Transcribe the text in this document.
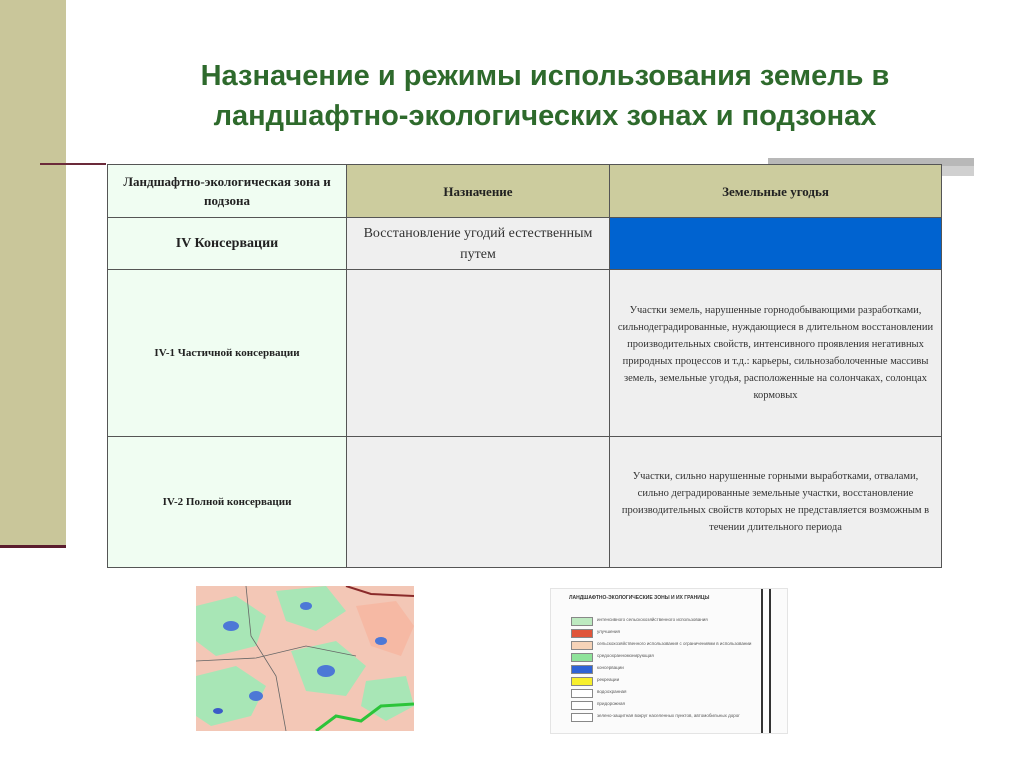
Назначение и режимы использования земель в
ландшафтно-экологических зонах и подзонах
Ландшафтно-экологическая зона и подзона	Назначение	Земельные угодья
IV Консервации	Восстановление угодий естественным путем	
IV-1 Частичной консервации		Участки земель, нарушенные горнодобывающими разработками, сильнодеградированные, нуждающиеся в длительном восстановлении производительных свойств, интенсивного проявления негативных природных процессов и т.д.: карьеры, сильнозаболоченные массивы земель, земельные угодья, расположенные на солончаках, солонцах кормовых
IV-2 Полной консервации		Участки, сильно нарушенные горными выработками, отвалами, сильно деградированные земельные участки, восстановление производительных свойств которых не представляется возможным в течении длительного периода
ЛАНДШАФТНО-ЭКОЛОГИЧЕСКИЕ ЗОНЫ И ИХ ГРАНИЦЫ
интенсивного сельскохозяйственного использования
улучшения
сельскохозяйственного использования с ограничениями в использовании
средоохранномонирующая
консервации
рекреации
водоохранная
придорожная
зелено-защитная вокруг населенных пунктов, автомобильных дорог
